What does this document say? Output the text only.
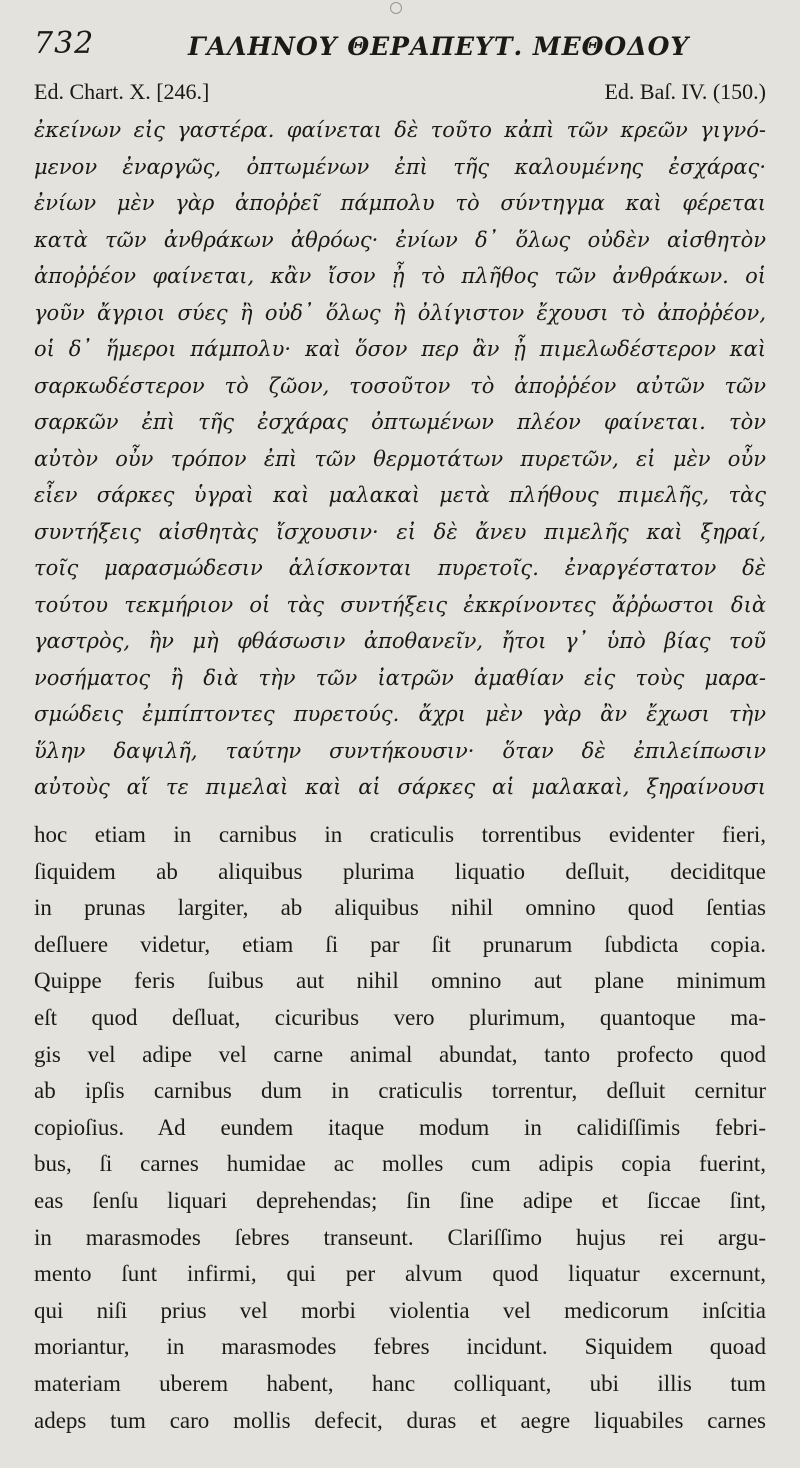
732	ΓΑΛΗΝΟΥ ΘΕΡΑΠΕΥΤ. ΜΕΘΟΔΟΥ
Ed. Chart. X. [246.]	Ed. Baſ. IV. (150.)
ἐκείνων εἰς γαστέρα. φαίνεται δὲ τοῦτο κἀπὶ τῶν κρεῶν γιγνό-
μενον ἐναργῶς, ὀπτωμένων ἐπὶ τῆς καλουμένης ἐσχάρας·
ἐνίων μὲν γὰρ ἀποῤῥεῖ πάμπολυ τὸ σύντηγμα καὶ φέρεται
κατὰ τῶν ἀνθράκων ἀθρόως· ἐνίων δ᾽ ὅλως οὐδὲν αἰσθητὸν
ἀποῤῥέον φαίνεται, κἂν ἴσον ᾖ τὸ πλῆθος τῶν ἀνθράκων. οἱ
γοῦν ἄγριοι σύες ἢ οὐδ᾽ ὅλως ἢ ὀλίγιστον ἔχουσι τὸ ἀποῤῥέον,
οἱ δ᾽ ἥμεροι πάμπολυ· καὶ ὅσον περ ἂν ᾖ πιμελωδέστερον καὶ
σαρκωδέστερον τὸ ζῶον, τοσοῦτον τὸ ἀποῤῥέον αὐτῶν τῶν
σαρκῶν ἐπὶ τῆς ἐσχάρας ὀπτωμένων πλέον φαίνεται. τὸν
αὐτὸν οὖν τρόπον ἐπὶ τῶν θερμοτάτων πυρετῶν, εἰ μὲν οὖν
εἶεν σάρκες ὑγραὶ καὶ μαλακαὶ μετὰ πλήθους πιμελῆς, τὰς
συντήξεις αἰσθητὰς ἴσχουσιν· εἰ δὲ ἄνευ πιμελῆς καὶ ξηραί,
τοῖς μαρασμώδεσιν ἁλίσκονται πυρετοῖς. ἐναργέστατον δὲ
τούτου τεκμήριον οἱ τὰς συντήξεις ἐκκρίνοντες ἄῤῥωστοι διὰ
γαστρὸς, ἢν μὴ φθάσωσιν ἀποθανεῖν, ἤτοι γ᾽ ὑπὸ βίας τοῦ
νοσήματος ἢ διὰ τὴν τῶν ἰατρῶν ἀμαθίαν εἰς τοὺς μαρα-
σμώδεις ἐμπίπτοντες πυρετούς. ἄχρι μὲν γὰρ ἂν ἔχωσι τὴν
ὕλην δαψιλῆ, ταύτην συντήκουσιν· ὅταν δὲ ἐπιλείπωσιν
αὐτοὺς αἵ τε πιμελαὶ καὶ αἱ σάρκες αἱ μαλακαὶ, ξηραίνουσι
hoc etiam in carnibus in craticulis torrentibus evidenter fieri,
ſiquidem ab aliquibus plurima liquatio deſluit, deciditque
in prunas largiter, ab aliquibus nihil omnino quod ſentias
deſluere videtur, etiam ſi par ſit prunarum ſubdicta copia.
Quippe feris ſuibus aut nihil omnino aut plane minimum
eſt quod deſluat, cicuribus vero plurimum, quantoque ma-
gis vel adipe vel carne animal abundat, tanto profecto quod
ab ipſis carnibus dum in craticulis torrentur, deſluit cernitur
copioſius. Ad eundem itaque modum in calidiſſimis febri-
bus, ſi carnes humidae ac molles cum adipis copia fuerint,
eas ſenſu liquari deprehendas; ſin ſine adipe et ſiccae ſint,
in marasmodes ſebres transeunt. Clariſſimo hujus rei argu-
mento ſunt infirmi, qui per alvum quod liquatur excernunt,
qui niſi prius vel morbi violentia vel medicorum inſcitia
moriantur, in marasmodes febres incidunt. Siquidem quoad
materiam uberem habent, hanc colliquant, ubi illis tum
adeps tum caro mollis defecit, duras et aegre liquabiles carnes
